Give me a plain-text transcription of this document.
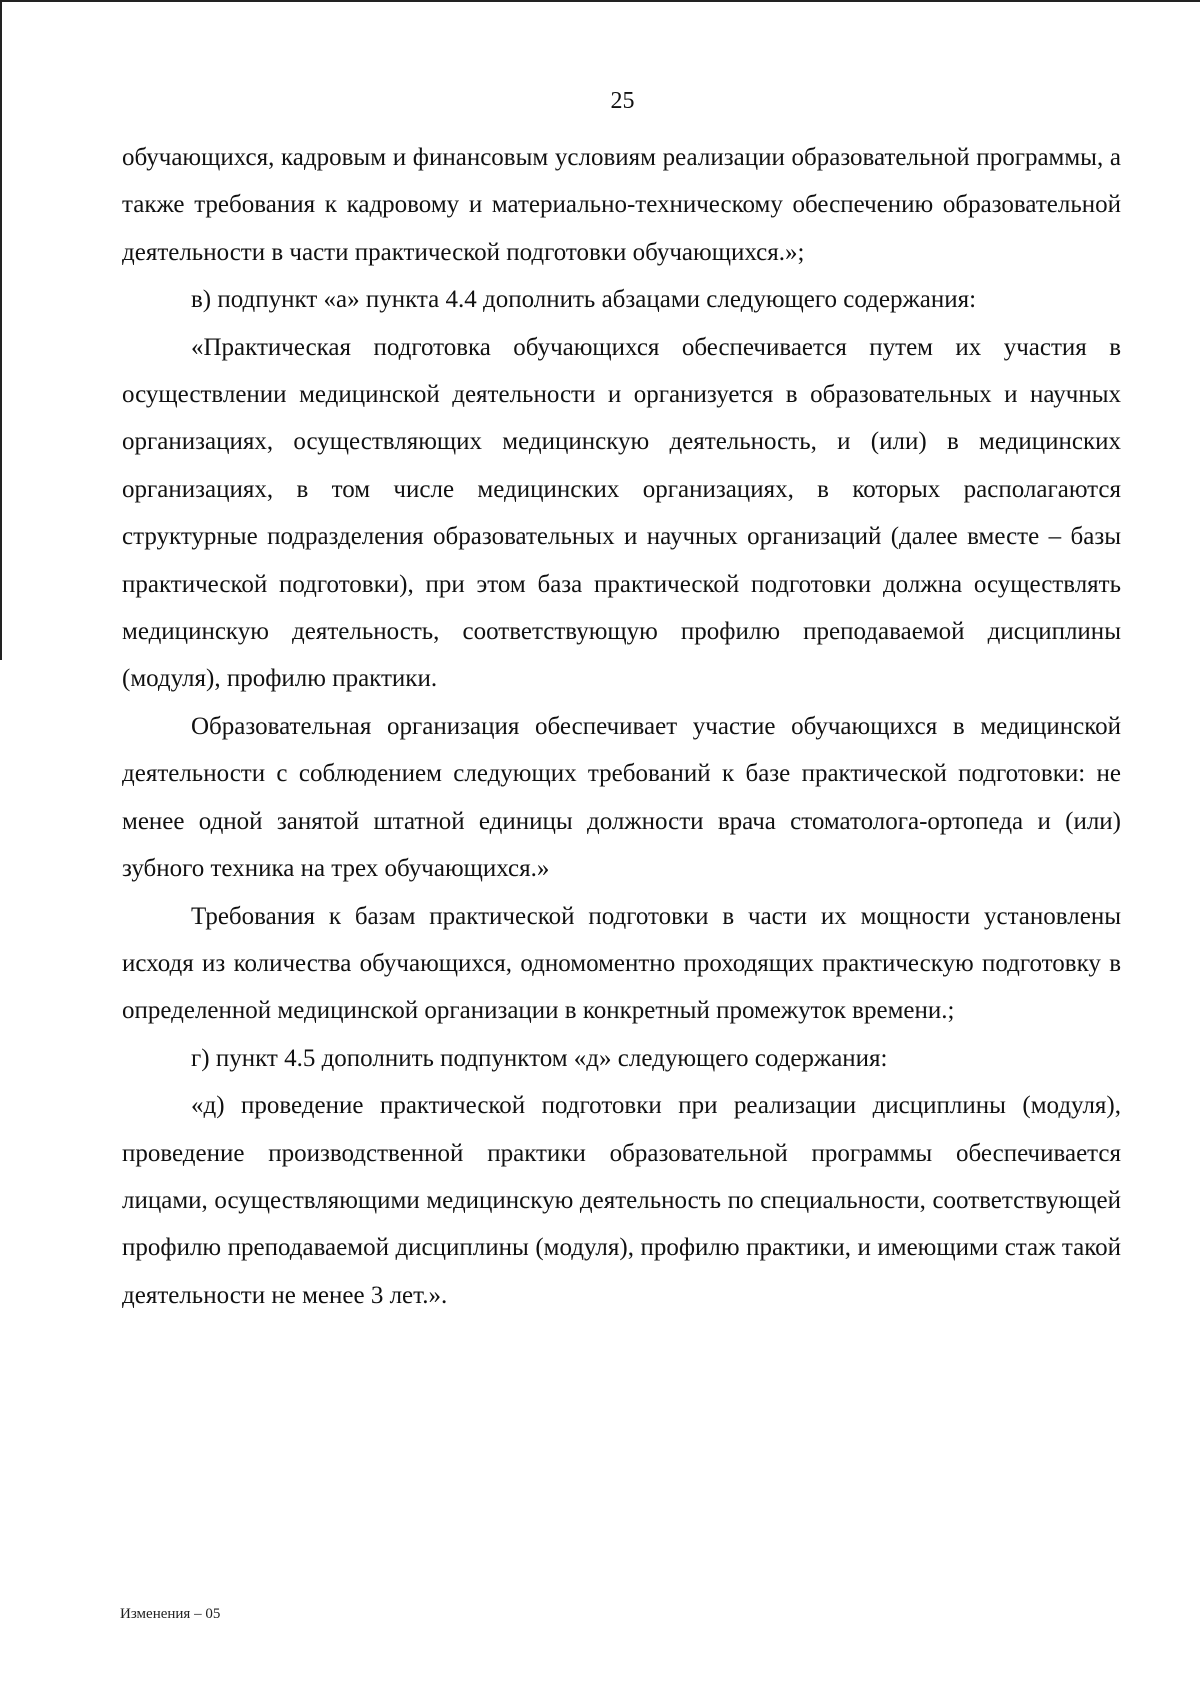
25

обучающихся, кадровым и финансовым условиям реализации образовательной программы, а также требования к кадровому и материально-техническому обеспечению образовательной деятельности в части практической подготовки обучающихся.»;

в) подпункт «а» пункта 4.4 дополнить абзацами следующего содержания:

«Практическая подготовка обучающихся обеспечивается путем их участия в осуществлении медицинской деятельности и организуется в образовательных и научных организациях, осуществляющих медицинскую деятельность, и (или) в медицинских организациях, в том числе медицинских организациях, в которых располагаются структурные подразделения образовательных и научных организаций (далее вместе – базы практической подготовки), при этом база практической подготовки должна осуществлять медицинскую деятельность, соответствующую профилю преподаваемой дисциплины (модуля), профилю практики.

Образовательная организация обеспечивает участие обучающихся в медицинской деятельности с соблюдением следующих требований к базе практической подготовки: не менее одной занятой штатной единицы должности врача стоматолога-ортопеда и (или) зубного техника на трех обучающихся.»

Требования к базам практической подготовки в части их мощности установлены исходя из количества обучающихся, одномоментно проходящих практическую подготовку в определенной медицинской организации в конкретный промежуток времени.;

г) пункт 4.5 дополнить подпунктом «д» следующего содержания:

«д) проведение практической подготовки при реализации дисциплины (модуля), проведение производственной практики образовательной программы обеспечивается лицами, осуществляющими медицинскую деятельность по специальности, соответствующей профилю преподаваемой дисциплины (модуля), профилю практики, и имеющими стаж такой деятельности не менее 3 лет.».

Изменения – 05
